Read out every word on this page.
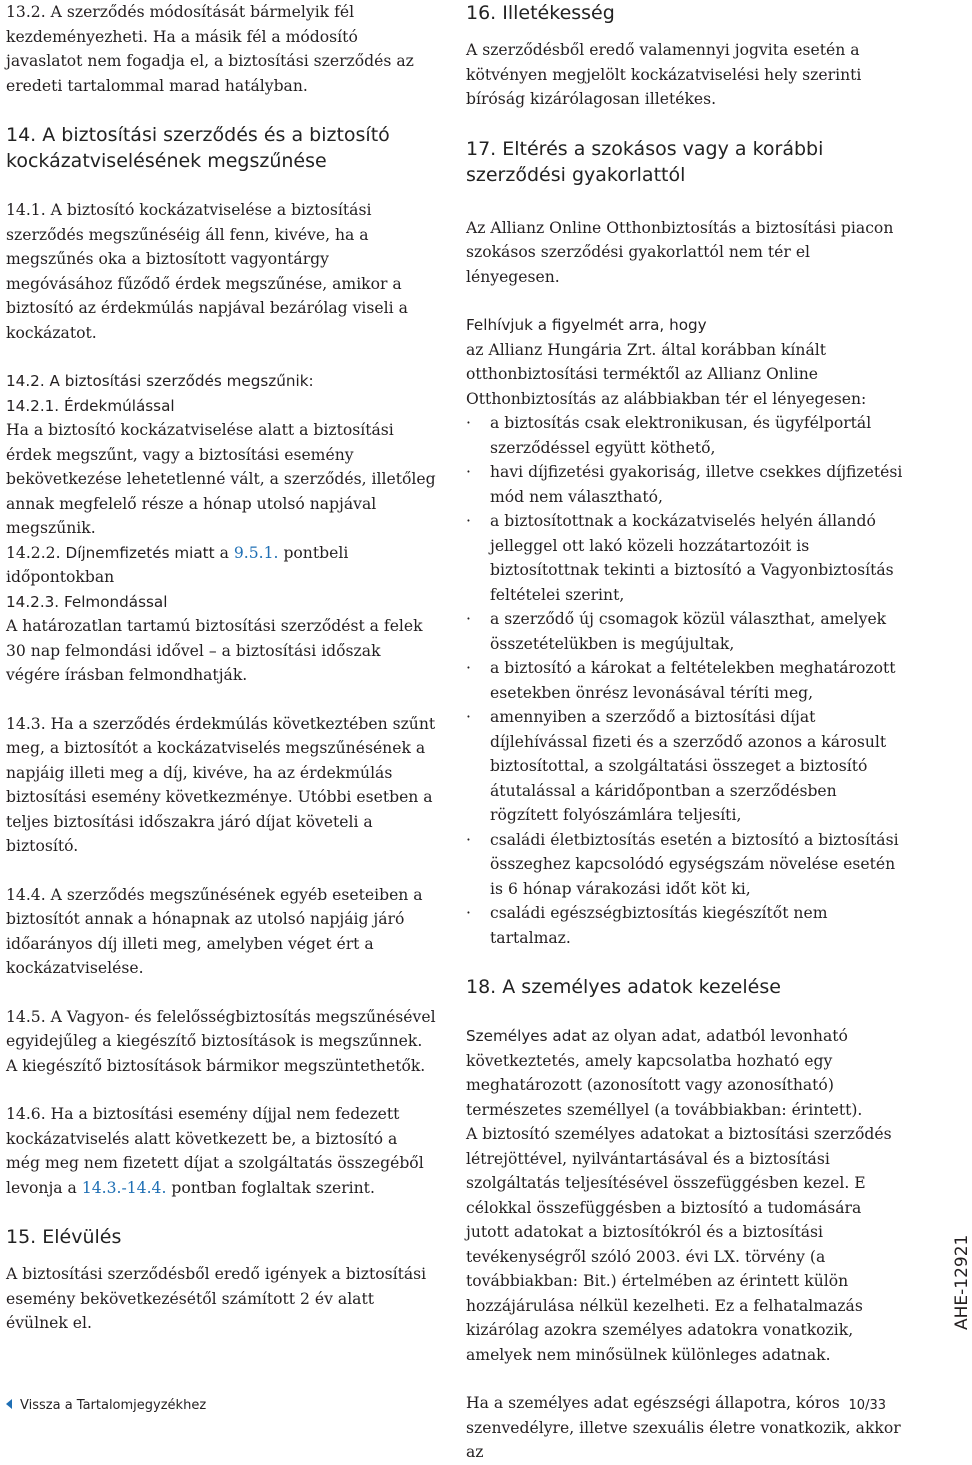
13.2. A szerződés módosítását bármelyik fél kezdeményezheti. Ha a másik fél a módosító javaslatot nem fogadja el, a biztosítási szerződés az eredeti tartalommal marad hatályban.

14. A biztosítási szerződés és a biztosító kockázatviselésének megszűnése

14.1. A biztosító kockázatviselése a biztosítási szerződés megszűnéséig áll fenn, kivéve, ha a megszűnés oka a biztosított vagyontárgy megóvásához fűződő érdek megszűnése, amikor a biztosító az érdekmúlás napjával bezárólag viseli a kockázatot.

14.2. A biztosítási szerződés megszűnik:

14.2.1. Érdekmúlással

Ha a biztosító kockázatviselése alatt a biztosítási érdek megszűnt, vagy a biztosítási esemény bekövetkezése lehetetlenné vált, a szerződés, illetőleg annak megfelelő része a hónap utolsó napjával megszűnik.

14.2.2. Díjnemfizetés miatt a 9.5.1. pontbeli időpontokban

14.2.3. Felmondással

A határozatlan tartamú biztosítási szerződést a felek 30 nap felmondási idővel – a biztosítási időszak végére írásban felmondhatják.

14.3. Ha a szerződés érdekmúlás következtében szűnt meg, a biztosítót a kockázatviselés megszűnésének a napjáig illeti meg a díj, kivéve, ha az érdekmúlás biztosítási esemény következménye. Utóbbi esetben a teljes biztosítási időszakra járó díjat követeli a biztosító.

14.4. A szerződés megszűnésének egyéb eseteiben a biztosítót annak a hónapnak az utolsó napjáig járó időarányos díj illeti meg, amelyben véget ért a kockázatviselése.

14.5. A Vagyon- és felelősségbiztosítás megszűnésével egyidejűleg a kiegészítő biztosítások is megszűnnek. A kiegészítő biztosítások bármikor megszüntethetők.

14.6. Ha a biztosítási esemény díjjal nem fedezett kockázatviselés alatt következett be, a biztosító a még meg nem fizetett díjat a szolgáltatás összegéből levonja a 14.3.-14.4. pontban foglaltak szerint.

15. Elévülés

A biztosítási szerződésből eredő igények a biztosítási esemény bekövetkezésétől számított 2 év alatt évülnek el.

16. Illetékesség

A szerződésből eredő valamennyi jogvita esetén a kötvényen megjelölt kockázatviselési hely szerinti bíróság kizárólagosan illetékes.

17. Eltérés a szokásos vagy a korábbi szerződési gyakorlattól

Az Allianz Online Otthonbiztosítás a biztosítási piacon szokásos szerződési gyakorlattól nem tér el lényegesen.

Felhívjuk a figyelmét arra, hogy

az Allianz Hungária Zrt. által korábban kínált otthonbiztosítási terméktől az Allianz Online Otthonbiztosítás az alábbiakban tér el lényegesen:

· a biztosítás csak elektronikusan, és ügyfélportál szerződéssel együtt köthető,
· havi díjfizetési gyakoriság, illetve csekkes díjfizetési mód nem választható,
· a biztosítottnak a kockázatviselés helyén állandó jelleggel ott lakó közeli hozzátartozóit is biztosítottnak tekinti a biztosító a Vagyonbiztosítás feltételei szerint,
· a szerződő új csomagok közül választhat, amelyek összetételükben is megújultak,
· a biztosító a károkat a feltételekben meghatározott esetekben önrész levonásával téríti meg,
· amennyiben a szerződő a biztosítási díjat díjlehívással fizeti és a szerződő azonos a károsult biztosítottal, a szolgáltatási összeget a biztosító átutalással a káridőpontban a szerződésben rögzített folyószámlára teljesíti,
· családi életbiztosítás esetén a biztosító a biztosítási összeghez kapcsolódó egységszám növelése esetén is 6 hónap várakozási időt köt ki,
· családi egészségbiztosítás kiegészítőt nem tartalmaz.
18. A személyes adatok kezelése

Személyes adat az olyan adat, adatból levonható következtetés, amely kapcsolatba hozható egy meghatározott (azonosított vagy azonosítható) természetes személlyel (a továbbiakban: érintett).

A biztosító személyes adatokat a biztosítási szerződés létrejöttével, nyilvántartásával és a biztosítási szolgáltatás teljesítésével összefüggésben kezel. E célokkal összefüggésben a biztosító a tudomására jutott adatokat a biztosítókról és a biztosítási tevékenységről szóló 2003. évi LX. törvény (a továbbiakban: Bit.) értelmében az érintett külön hozzájárulása nélkül kezelheti. Ez a felhatalmazás kizárólag azokra személyes adatokra vonatkozik, amelyek nem minősülnek különleges adatnak.

Ha a személyes adat egészségi állapotra, kóros szenvedélyre, illetve szexuális életre vonatkozik, akkor az

AHE-12921
Vissza a Tartalomjegyzékhez	10/33
